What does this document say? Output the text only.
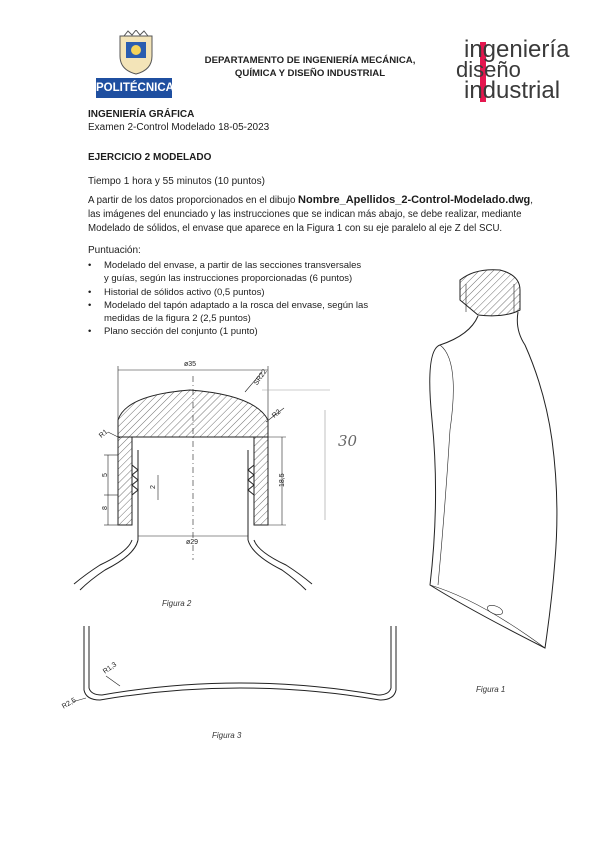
POLITÉCNICA
DEPARTAMENTO DE INGENIERÍA MECÁNICA,
QUÍMICA Y DISEÑO INDUSTRIAL
ingeniería
diseño
industrial
INGENIERÍA GRÁFICA
Examen 2-Control Modelado 18-05-2023
EJERCICIO 2 MODELADO
Tiempo 1 hora y 55 minutos (10 puntos)
A partir de los datos proporcionados en el dibujo Nombre_Apellidos_2-Control-Modelado.dwg,
las imágenes del enunciado y las instrucciones que se indican más abajo, se debe realizar, mediante
Modelado de sólidos, el envase que aparece en la Figura 1 con su eje paralelo al eje Z del SCU.
Puntuación:
• Modelado del envase, a partir de las secciones transversales
y guías, según las instrucciones proporcionadas (6 puntos)
• Historial de sólidos activo (0,5 puntos)
• Modelado del tapón adaptado a la rosca del envase, según las
medidas de la figura 2 (2,5 puntos)
• Plano sección del conjunto (1 punto)
ø35
SR22
R2
R1
5
8
2
18,5
ø29
30
Figura 2
R1,3
R2,5
Figura 3
Figura 1
